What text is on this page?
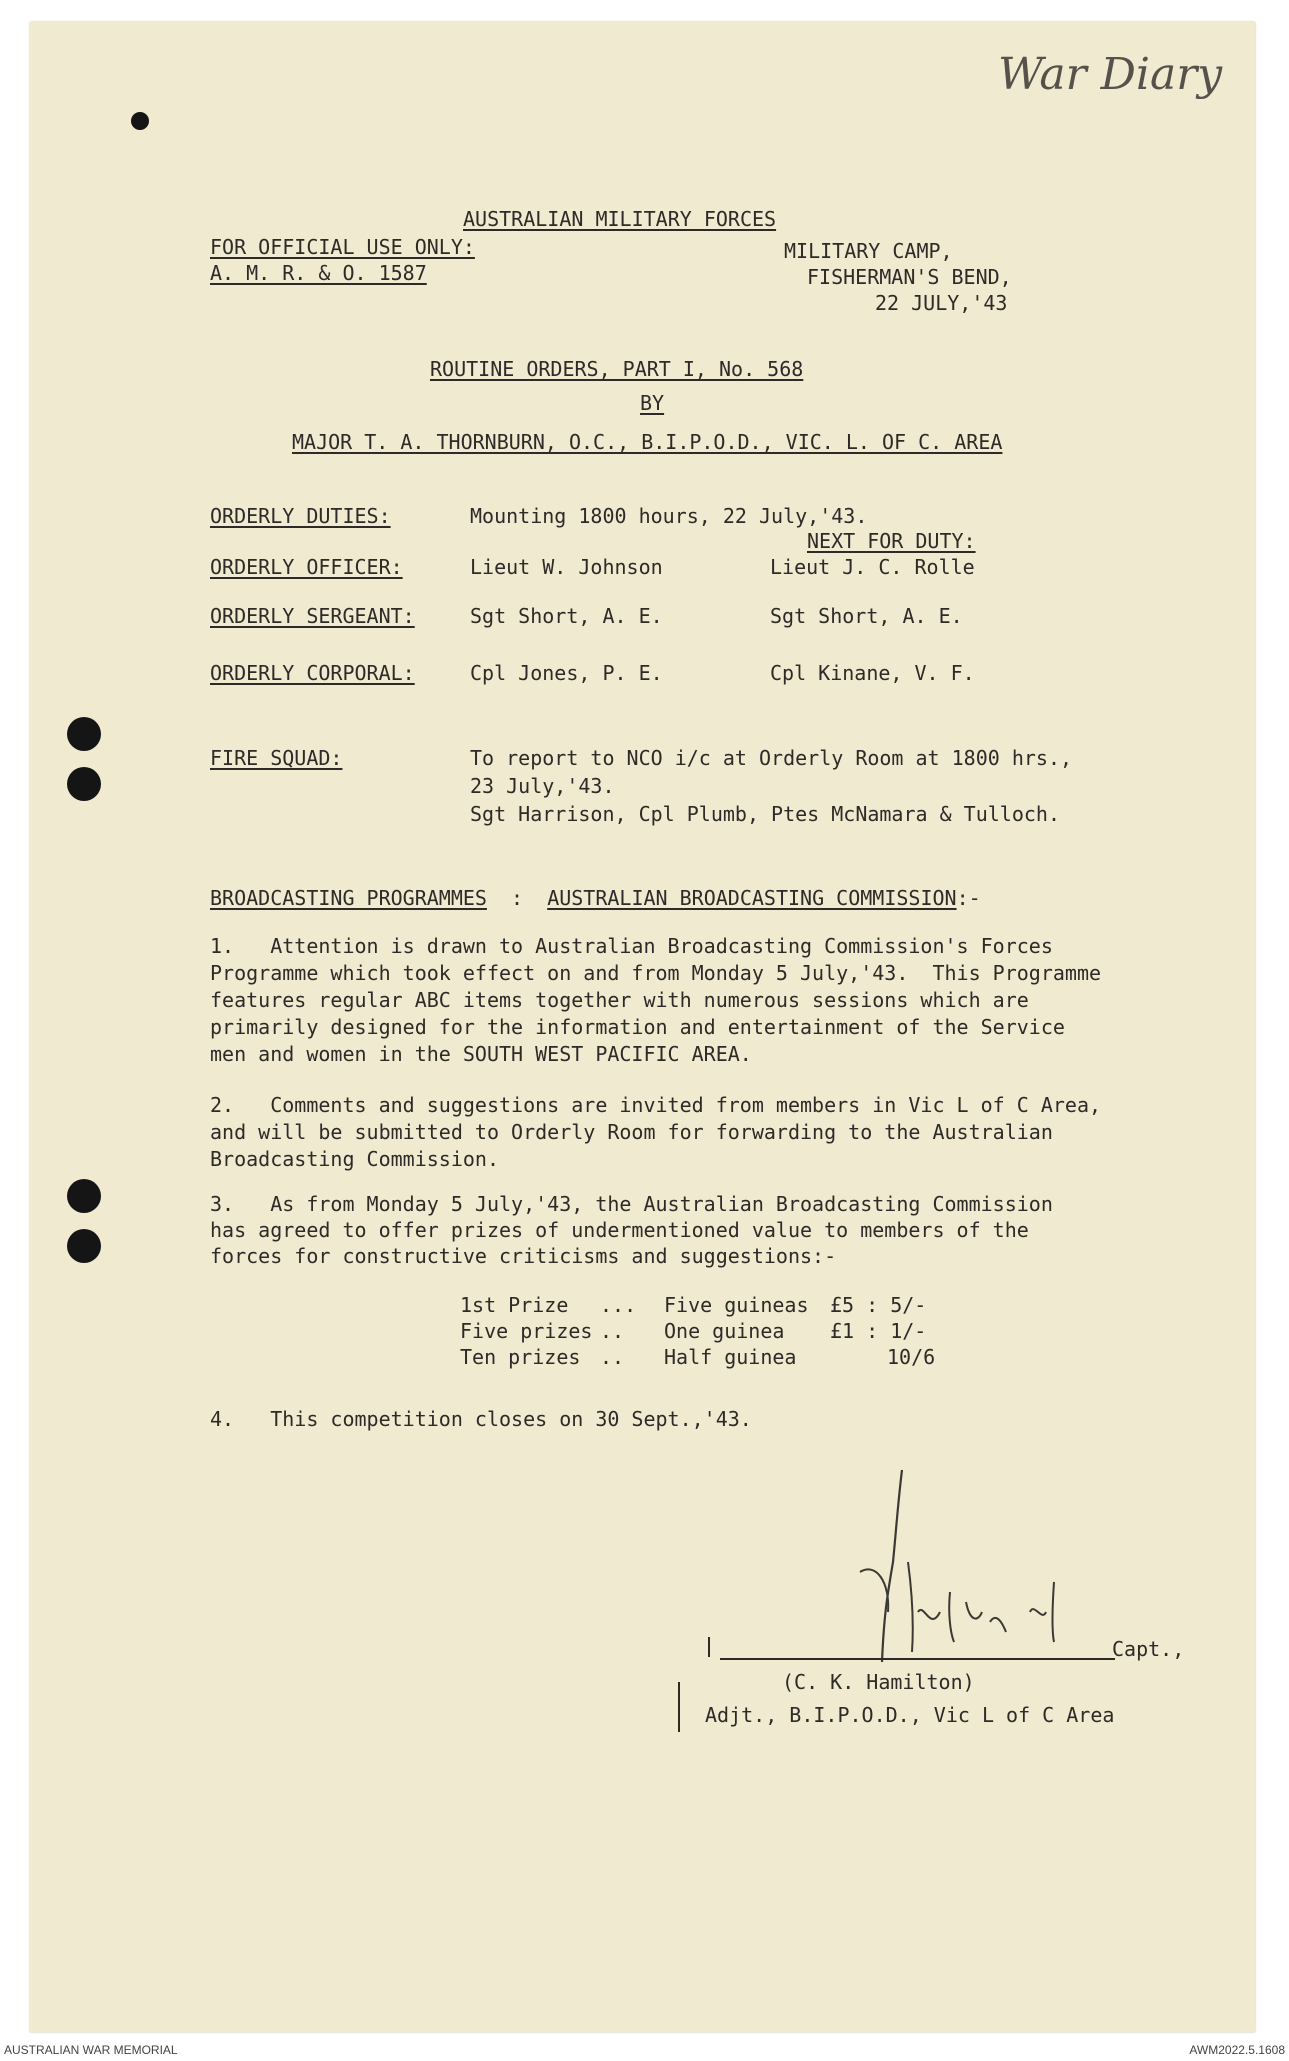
War Diary
AUSTRALIAN MILITARY FORCES
FOR OFFICIAL USE ONLY:
A. M. R. & O. 1587
MILITARY CAMP,
FISHERMAN'S BEND,
22 JULY,'43
ROUTINE ORDERS, PART I, No. 568
BY
MAJOR T. A. THORNBURN, O.C., B.I.P.O.D., VIC. L. OF C. AREA
ORDERLY DUTIES:	Mounting 1800 hours, 22 July,'43.
NEXT FOR DUTY:
ORDERLY OFFICER:	Lieut W. Johnson	Lieut J. C. Rolle
ORDERLY SERGEANT:	Sgt Short, A. E.	Sgt Short, A. E.
ORDERLY CORPORAL:	Cpl Jones, P. E.	Cpl Kinane, V. F.
FIRE SQUAD:	To report to NCO i/c at Orderly Room at 1800 hrs.,
23 July,'43.
Sgt Harrison, Cpl Plumb, Ptes McNamara & Tulloch.
BROADCASTING PROGRAMMES : AUSTRALIAN BROADCASTING COMMISSION:-
1.   Attention is drawn to Australian Broadcasting Commission's Forces
Programme which took effect on and from Monday 5 July,'43.  This Programme
features regular ABC items together with numerous sessions which are
primarily designed for the information and entertainment of the Service
men and women in the SOUTH WEST PACIFIC AREA.
2.   Comments and suggestions are invited from members in Vic L of C Area,
and will be submitted to Orderly Room for forwarding to the Australian
Broadcasting Commission.
3.   As from Monday 5 July,'43, the Australian Broadcasting Commission
has agreed to offer prizes of undermentioned value to members of the
forces for constructive criticisms and suggestions:-
1st Prize ... Five guineas £5 : 5/-
Five prizes .. One guinea £1 : 1/-
Ten prizes .. Half guinea	10/6
4.   This competition closes on 30 Sept.,'43.
Capt.,
(C. K. Hamilton)
Adjt., B.I.P.O.D., Vic L of C Area
AUSTRALIAN WAR MEMORIAL	AWM2022.5.1608
